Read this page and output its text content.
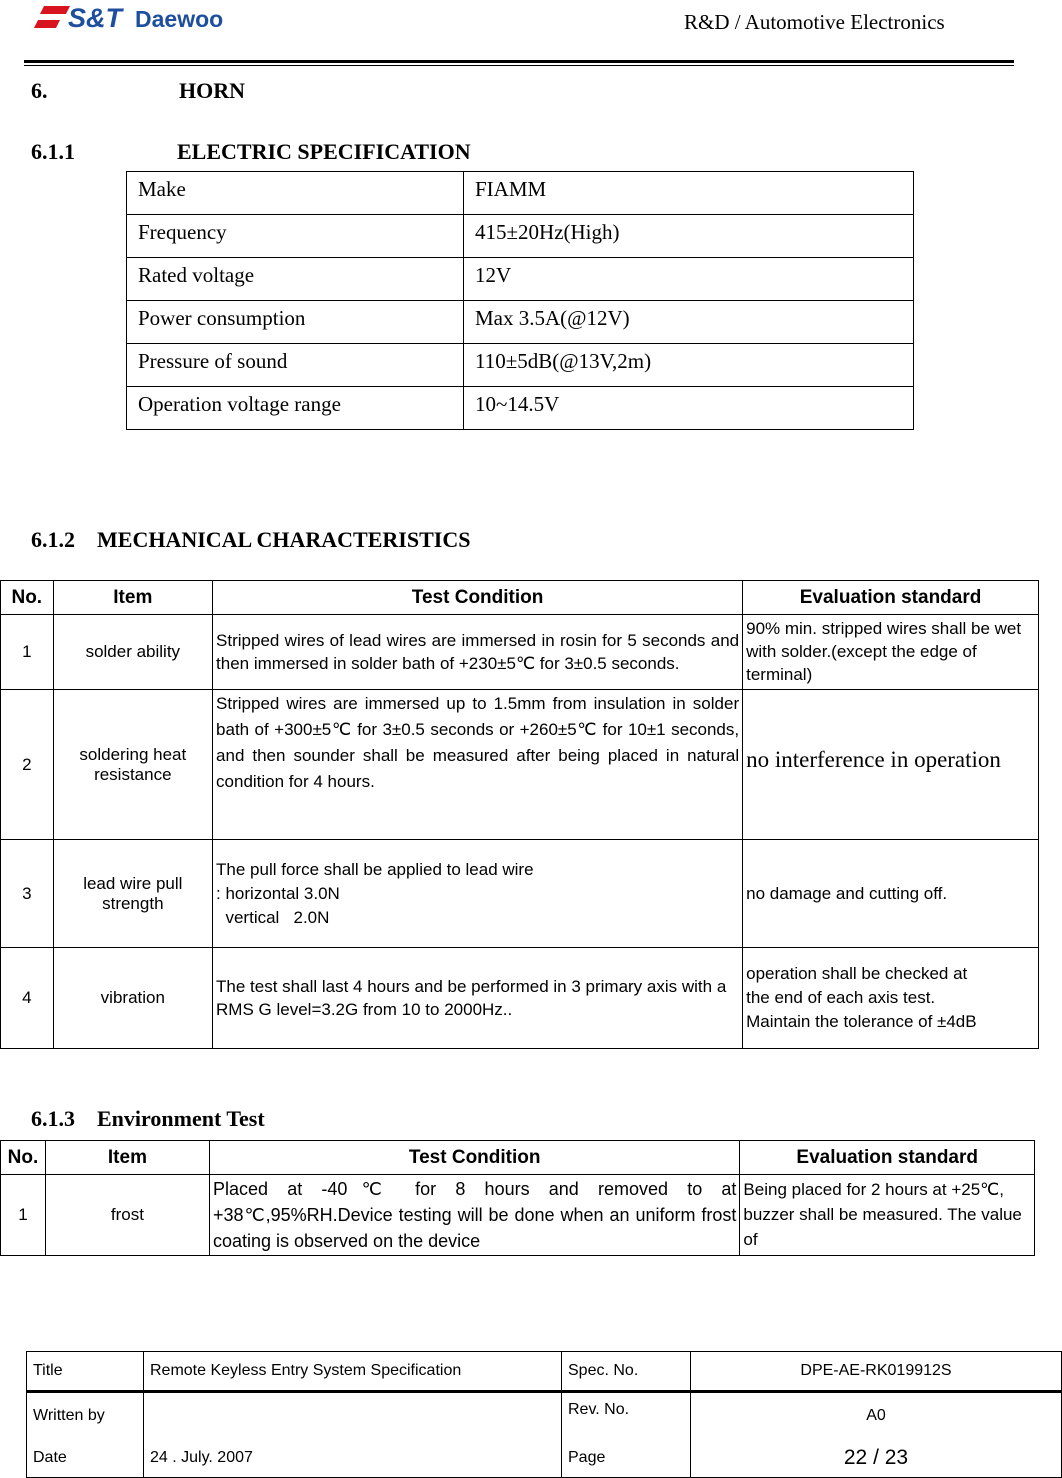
S&T Daewoo	R&D / Automotive Electronics
6.	HORN
6.1.1	ELECTRIC SPECIFICATION
Make	FIAMM
Frequency	415±20Hz(High)
Rated voltage	12V
Power consumption	Max 3.5A(@12V)
Pressure of sound	110±5dB(@13V,2m)
Operation voltage range	10~14.5V
6.1.2 MECHANICAL CHARACTERISTICS
No.	Item	Test Condition	Evaluation standard
1	solder ability	Stripped wires of lead wires are immersed in rosin for 5 seconds and then immersed in solder bath of +230±5℃ for 3±0.5 seconds.	90% min. stripped wires shall be wet with solder.(except the edge of terminal)
2	soldering heat resistance	Stripped wires are immersed up to 1.5mm from insulation in solder bath of +300±5℃ for 3±0.5 seconds or +260±5℃ for 10±1 seconds, and then sounder shall be measured after being placed in natural condition for 4 hours.	no interference in operation
3	lead wire pull strength	The pull force shall be applied to lead wire
: horizontal 3.0N
vertical   2.0N	no damage and cutting off.
4	vibration	The test shall last 4 hours and be performed in 3 primary axis with a RMS G level=3.2G from 10 to 2000Hz..	operation shall be checked at
the end of each axis test.
Maintain the tolerance of ±4dB
6.1.3 Environment Test
No.	Item	Test Condition	Evaluation standard
1	frost	Placed at -40℃ for 8 hours and removed to at +38℃,95%RH.Device testing will be done when an uniform frost coating is observed on the device	Being placed for 2 hours at +25℃, buzzer shall be measured. The value of
Title	Remote Keyless Entry System Specification	Spec. No.	DPE-AE-RK019912S
Written by		Rev. No.	A0
Date	24 . July. 2007	Page	22 / 23
